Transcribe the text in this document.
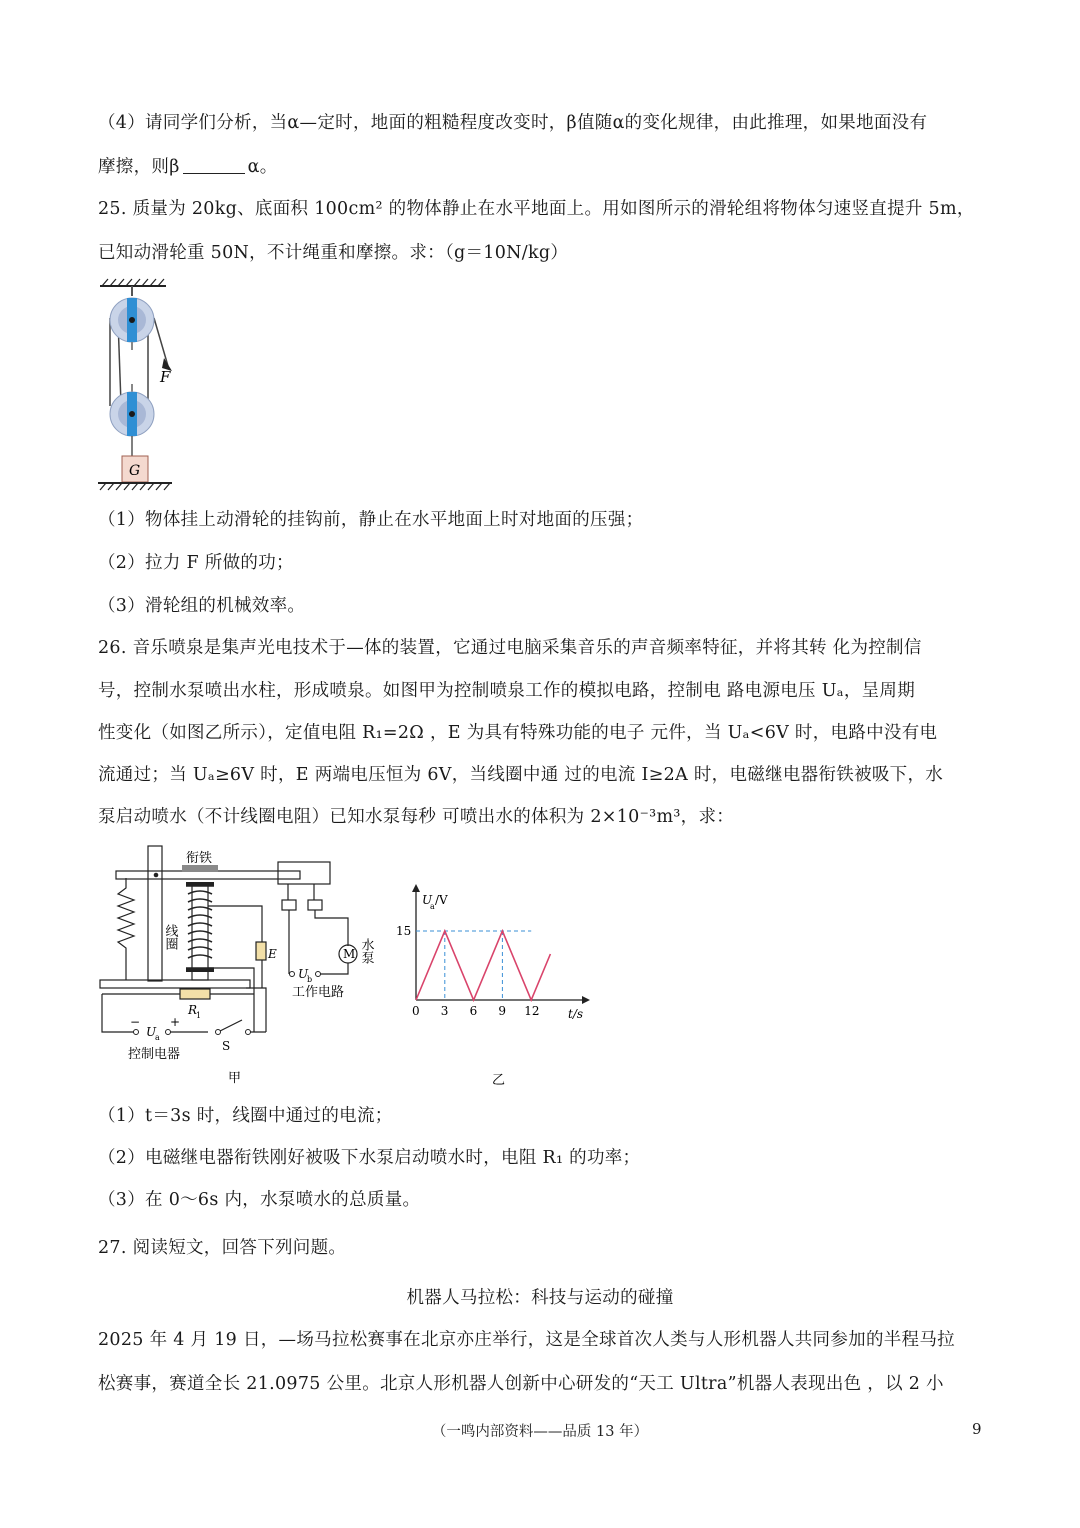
（4）请同学们分析，当α—定时，地面的粗糙程度改变时，β值随α的变化规律，由此推理，如果地面没有
摩擦，则β	α。
25. 质量为 20kg、底面积 100cm² 的物体静止在水平地面上。用如图所示的滑轮组将物体匀速竖直提升 5m，
已知动滑轮重 50N，不计绳重和摩擦。求：（g＝10N/kg）
F
G
（1）物体挂上动滑轮的挂钩前，静止在水平地面上时对地面的压强；
（2）拉力 F 所做的功；
（3）滑轮组的机械效率。
26. 音乐喷泉是集声光电技术于—体的装置，它通过电脑采集音乐的声音频率特征，并将其转 化为控制信
号，控制水泵喷出水柱，形成喷泉。如图甲为控制喷泉工作的模拟电路，控制电 路电源电压 Uₐ，呈周期
性变化（如图乙所示），定值电阻 R₁=2Ω ，E 为具有特殊功能的电子 元件，当 Uₐ<6V 时，电路中没有电
流通过；当 Uₐ≥6V 时，E 两端电压恒为 6V，当线圈中通 过的电流 I≥2A 时，电磁继电器衔铁被吸下，水
泵启动喷水（不计线圈电阻）已知水泵每秒 可喷出水的体积为 2×10⁻³m³，求：
衔铁
线圈
E	M 水泵
U
b
工作电路
R
1
− +
U
a
S
控制电器
甲
15
0 3 6 9 12
U
a /V
t/s
乙
（1）t＝3s 时，线圈中通过的电流；
（2）电磁继电器衔铁刚好被吸下水泵启动喷水时，电阻 R₁ 的功率；
（3）在 0～6s 内，水泵喷水的总质量。
27. 阅读短文，回答下列问题。
机器人马拉松：科技与运动的碰撞
2025 年 4 月 19 日，—场马拉松赛事在北京亦庄举行，这是全球首次人类与人形机器人共同参加的半程马拉
松赛事，赛道全长 21.0975 公里。北京人形机器人创新中心研发的“天工 Ultra”机器人表现出色 ，以 2 小
（一鸣内部资料——品质 13 年）	9
